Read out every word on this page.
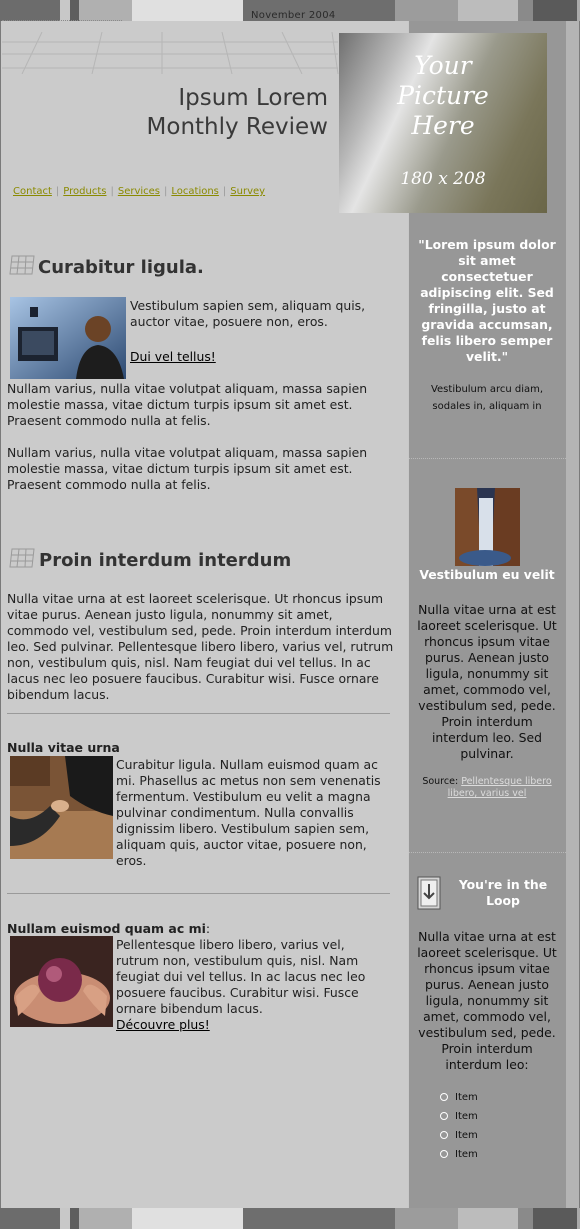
November 2004
Ipsum Lorem
Monthly Review
Your
Picture
Here
180 x 208
Contact | Products | Services | Locations | Survey
Curabitur ligula.
Vestibulum sapien sem, aliquam quis, auctor vitae, posuere non, eros.
Dui vel tellus!
Nullam varius, nulla vitae volutpat aliquam, massa sapien molestie massa, vitae dictum turpis ipsum sit amet est. Praesent commodo nulla at felis.
Nullam varius, nulla vitae volutpat aliquam, massa sapien molestie massa, vitae dictum turpis ipsum sit amet est. Praesent commodo nulla at felis.
Proin interdum interdum
Nulla vitae urna at est laoreet scelerisque. Ut rhoncus ipsum vitae purus. Aenean justo ligula, nonummy sit amet, commodo vel, vestibulum sed, pede. Proin interdum interdum leo. Sed pulvinar. Pellentesque libero libero, varius vel, rutrum non, vestibulum quis, nisl. Nam feugiat dui vel tellus. In ac lacus nec leo posuere faucibus. Curabitur wisi. Fusce ornare bibendum lacus.
Nulla vitae urna
Curabitur ligula. Nullam euismod quam ac mi. Phasellus ac metus non sem venenatis fermentum. Vestibulum eu velit a magna pulvinar condimentum. Nulla convallis dignissim libero. Vestibulum sapien sem, aliquam quis, auctor vitae, posuere non, eros.
Nullam euismod quam ac mi:
Pellentesque libero libero, varius vel, rutrum non, vestibulum quis, nisl. Nam feugiat dui vel tellus. In ac lacus nec leo posuere faucibus. Curabitur wisi. Fusce ornare bibendum lacus.
Découvre plus!
"Lorem ipsum dolor sit amet consectetuer adipiscing elit. Sed fringilla, justo at gravida accumsan, felis libero semper velit."
Vestibulum arcu diam, sodales in, aliquam in
Vestibulum eu velit
Nulla vitae urna at est laoreet scelerisque. Ut rhoncus ipsum vitae purus. Aenean justo ligula, nonummy sit amet, commodo vel, vestibulum sed, pede. Proin interdum interdum leo. Sed pulvinar.
Source: Pellentesque libero libero, varius vel
You're in the Loop
Nulla vitae urna at est laoreet scelerisque. Ut rhoncus ipsum vitae purus. Aenean justo ligula, nonummy sit amet, commodo vel, vestibulum sed, pede. Proin interdum interdum leo:
Item
Item
Item
Item
